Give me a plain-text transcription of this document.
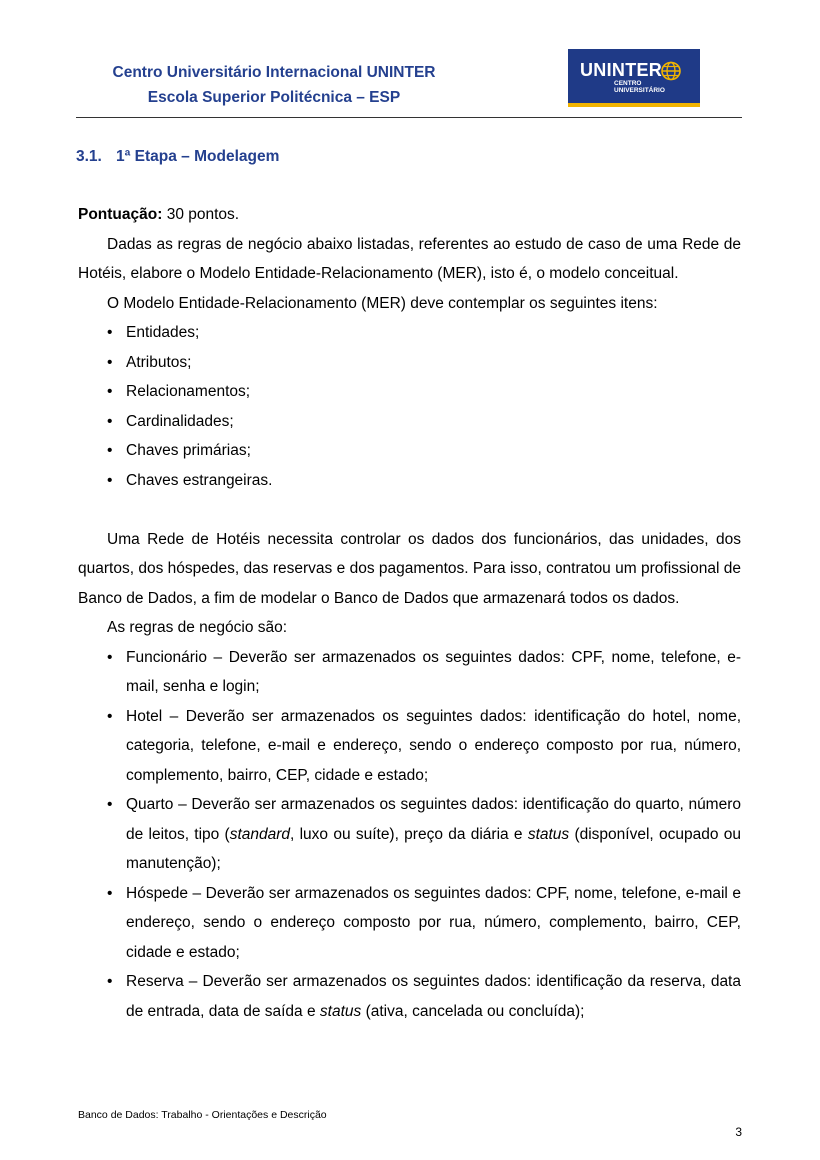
Centro Universitário Internacional UNINTER
Escola Superior Politécnica – ESP
UNINTER
CENTRO
UNIVERSITÁRIO
3.1. 1ª Etapa – Modelagem

Pontuação: 30 pontos.

Dadas as regras de negócio abaixo listadas, referentes ao estudo de caso de uma Rede de Hotéis, elabore o Modelo Entidade-Relacionamento (MER), isto é, o modelo conceitual.

O Modelo Entidade-Relacionamento (MER) deve contemplar os seguintes itens:

• Entidades;
• Atributos;
• Relacionamentos;
• Cardinalidades;
• Chaves primárias;
• Chaves estrangeiras.

Uma Rede de Hotéis necessita controlar os dados dos funcionários, das unidades, dos quartos, dos hóspedes, das reservas e dos pagamentos. Para isso, contratou um profissional de Banco de Dados, a fim de modelar o Banco de Dados que armazenará todos os dados.

As regras de negócio são:

• Funcionário – Deverão ser armazenados os seguintes dados: CPF, nome, telefone, e-mail, senha e login;
• Hotel – Deverão ser armazenados os seguintes dados: identificação do hotel, nome, categoria, telefone, e-mail e endereço, sendo o endereço composto por rua, número, complemento, bairro, CEP, cidade e estado;
• Quarto – Deverão ser armazenados os seguintes dados: identificação do quarto, número de leitos, tipo (standard, luxo ou suíte), preço da diária e status (disponível, ocupado ou manutenção);
• Hóspede – Deverão ser armazenados os seguintes dados: CPF, nome, telefone, e-mail e endereço, sendo o endereço composto por rua, número, complemento, bairro, CEP, cidade e estado;
• Reserva – Deverão ser armazenados os seguintes dados: identificação da reserva, data de entrada, data de saída e status (ativa, cancelada ou concluída);
Banco de Dados: Trabalho - Orientações e Descrição
3
